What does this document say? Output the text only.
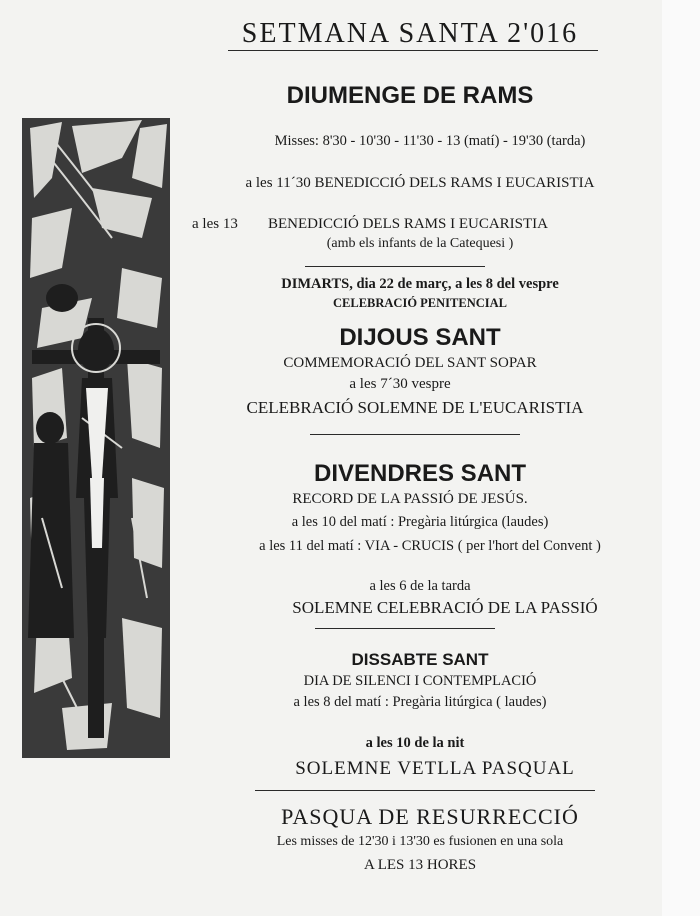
SETMANA SANTA 2'016
DIUMENGE DE RAMS
Misses: 8'30 - 10'30 - 11'30 - 13 (matí) - 19'30 (tarda)
a les 11´30 BENEDICCIÓ DELS RAMS I EUCARISTIA
a les 13	BENEDICCIÓ DELS RAMS I EUCARISTIA
(amb els infants de la Catequesi )
DIMARTS, dia 22 de març, a les 8 del vespre
CELEBRACIÓ PENITENCIAL
DIJOUS SANT
COMMEMORACIÓ DEL SANT SOPAR
a les 7´30 vespre
CELEBRACIÓ SOLEMNE DE L'EUCARISTIA
DIVENDRES SANT
RECORD DE LA PASSIÓ DE JESÚS.
a les 10 del matí : Pregària litúrgica (laudes)
a les 11 del matí : VIA - CRUCIS ( per l'hort del Convent )
a les 6 de la tarda
SOLEMNE CELEBRACIÓ DE LA PASSIÓ
DISSABTE SANT
DIA DE SILENCI I CONTEMPLACIÓ
a les 8 del matí : Pregària litúrgica ( laudes)
a les 10 de la nit
SOLEMNE VETLLA PASQUAL
PASQUA DE RESURRECCIÓ
Les misses de 12'30 i 13'30 es fusionen en una sola
A LES 13 HORES
